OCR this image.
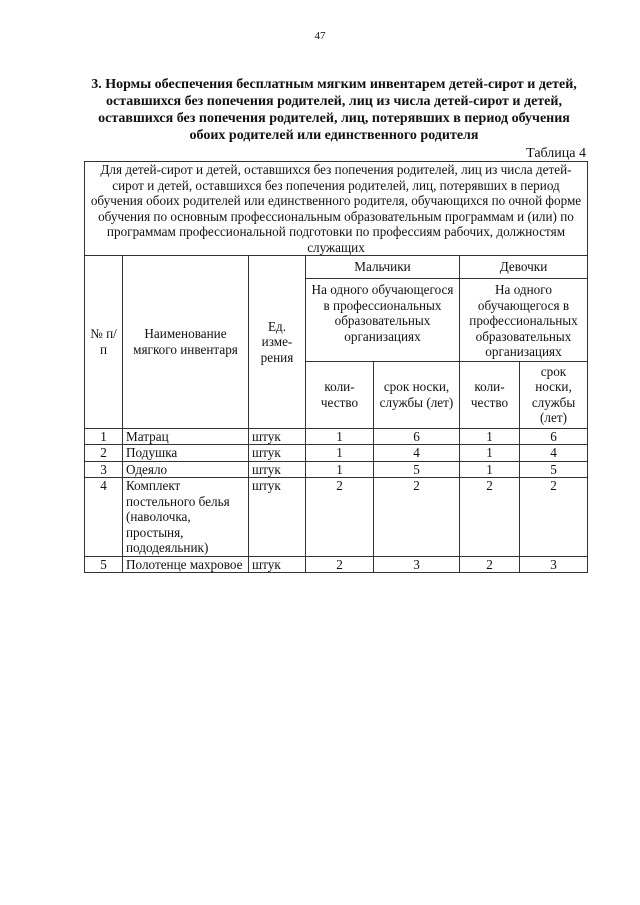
47
3. Нормы обеспечения бесплатным мягким инвентарем детей-сирот и детей, оставшихся без попечения родителей, лиц из числа детей-сирот и детей, оставшихся без попечения родителей, лиц, потерявших в период обучения обоих родителей или единственного родителя
Таблица 4
Для детей-сирот и детей, оставшихся без попечения родителей, лиц из числа детей-сирот и детей, оставшихся без попечения родителей, лиц, потерявших в период обучения обоих родителей или единственного родителя, обучающихся по очной форме обучения по основным профессиональным образовательным программам и (или) по программам профессиональной подготовки по профессиям рабочих, должностям служащих						
№ п/п	Наименование мягкого инвентаря	Ед. изме-рения	Мальчики		Девочки	
			На одного обучающегося в профессиональных образовательных организациях		На одного обучающегося в профессиональных образовательных организациях	
			коли-чество	срок носки, службы (лет)	коли-чество	срок носки, службы (лет)
1	Матрац	штук	1	6	1	6
2	Подушка	штук	1	4	1	4
3	Одеяло	штук	1	5	1	5
4	Комплект постельного белья (наволочка, простыня, пододеяльник)	штук	2	2	2	2
5	Полотенце махровое	штук	2	3	2	3
